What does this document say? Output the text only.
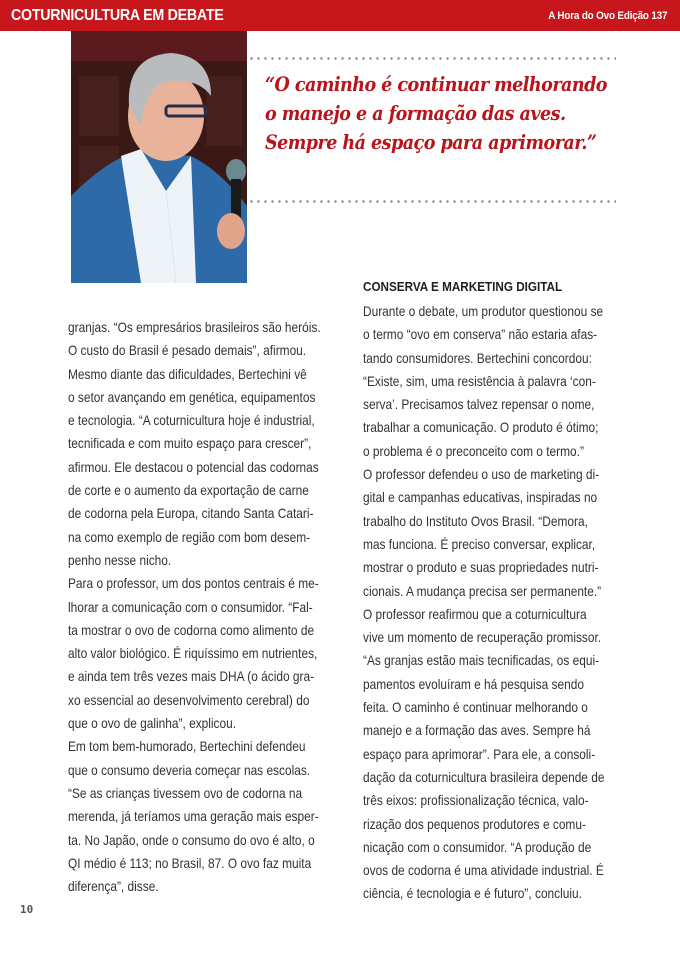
COTURNICULTURA EM DEBATE	A Hora do Ovo Edição 137
“O caminho é continuar melhorando
o manejo e a formação das aves.
Sempre há espaço para aprimorar.”
granjas. “Os empresários brasileiros são heróis.
O custo do Brasil é pesado demais”, afirmou.
Mesmo diante das dificuldades, Bertechini vê
o setor avançando em genética, equipamentos
e tecnologia. “A coturnicultura hoje é industrial,
tecnificada e com muito espaço para crescer”,
afirmou. Ele destacou o potencial das codornas
de corte e o aumento da exportação de carne
de codorna pela Europa, citando Santa Catari-
na como exemplo de região com bom desem-
penho nesse nicho.
Para o professor, um dos pontos centrais é me-
lhorar a comunicação com o consumidor. “Fal-
ta mostrar o ovo de codorna como alimento de
alto valor biológico. É riquíssimo em nutrientes,
e ainda tem três vezes mais DHA (o ácido gra-
xo essencial ao desenvolvimento cerebral) do
que o ovo de galinha”, explicou.
Em tom bem-humorado, Bertechini defendeu
que o consumo deveria começar nas escolas.
“Se as crianças tivessem ovo de codorna na
merenda, já teríamos uma geração mais esper-
ta. No Japão, onde o consumo do ovo é alto, o
QI médio é 113; no Brasil, 87. O ovo faz muita
diferença”, disse.
CONSERVA E MARKETING DIGITAL
Durante o debate, um produtor questionou se
o termo “ovo em conserva” não estaria afas-
tando consumidores. Bertechini concordou:
“Existe, sim, uma resistência à palavra ‘con-
serva’. Precisamos talvez repensar o nome,
trabalhar a comunicação. O produto é ótimo;
o problema é o preconceito com o termo.”
O professor defendeu o uso de marketing di-
gital e campanhas educativas, inspiradas no
trabalho do Instituto Ovos Brasil. “Demora,
mas funciona. É preciso conversar, explicar,
mostrar o produto e suas propriedades nutri-
cionais. A mudança precisa ser permanente.”
O professor reafirmou que a coturnicultura
vive um momento de recuperação promissor.
“As granjas estão mais tecnificadas, os equi-
pamentos evoluíram e há pesquisa sendo
feita. O caminho é continuar melhorando o
manejo e a formação das aves. Sempre há
espaço para aprimorar”. Para ele, a consoli-
dação da coturnicultura brasileira depende de
três eixos: profissionalização técnica, valo-
rização dos pequenos produtores e comu-
nicação com o consumidor. “A produção de
ovos de codorna é uma atividade industrial. É
ciência, é tecnologia e é futuro”, concluiu.
10
